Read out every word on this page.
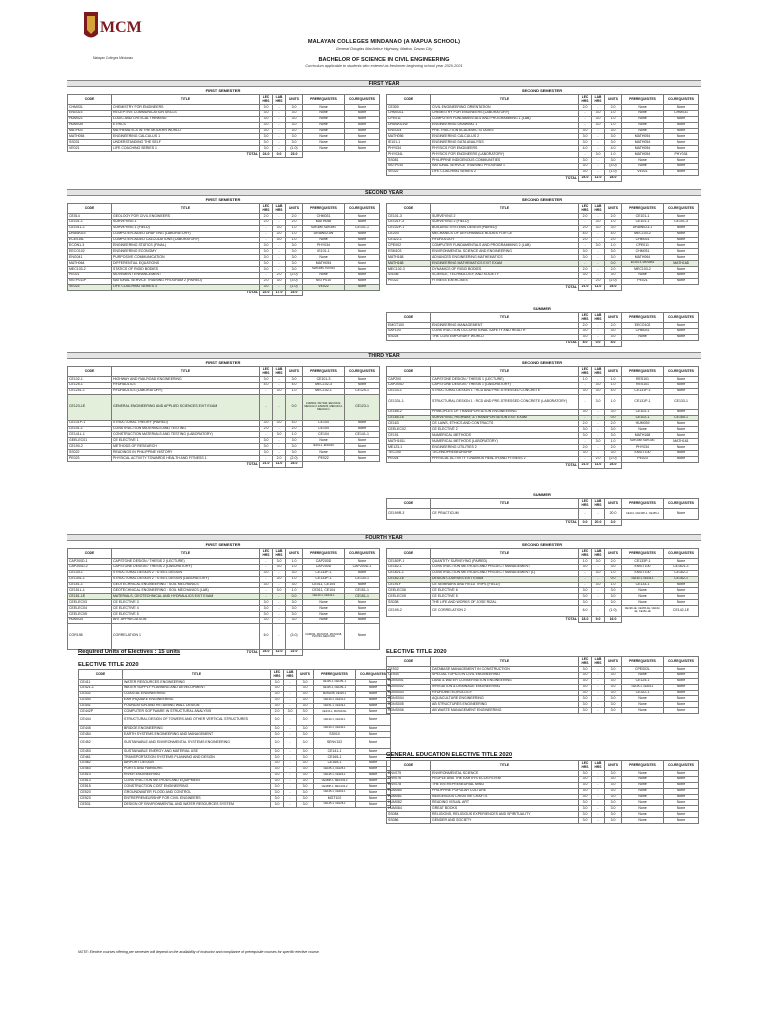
MCM
Malayan Colleges Mindanao
MALAYAN COLLEGES MINDANAO (A MAPUA SCHOOL)
General Douglas MacArthur Highway, Matina, Davao City
BACHELOR OF SCIENCE IN CIVIL ENGINEERING
Curriculum applicable to students who entered as freshmen beginning school year 2020-2021
FIRST YEAR
FIRST SEMESTER	SECOND SEMESTER
CODE	TITLE	LEC HRS	LAB HRS	UNITS	PREREQUISITES	CO-REQUISITES
CHM031	CHEMISTRY FOR ENGINEERS	3.0	-	3.0	None	None
ENG023	RECEPTIVE COMMUNICATION SKILLS	3.0	-	3.0	None	None
HUM021	LOGIC AND CRITICAL THINKING	3.0	-	3.0	None	None
HUM039	ETHICS	3.0	-	3.0	None	None
MATH03	MATHEMATICS IN THE MODERN WORLD	3.0	-	3.0	None	None
MATH054	ENGINEERING CALCULUS 1	3.0	-	3.0	None	None
SS031	UNDERSTANDING THE SELF	3.0	-	3.0	None	None
VE021	LIFE COACHING SERIES 1	3.0	-	(1.0)	None	None
TOTAL		24.0	0.0	23.0		
CODE	TITLE	LEC HRS	LAB HRS	UNITS	PREREQUISITES	CO-REQUISITES
CE300	CIVIL ENGINEERING ORIENTATION	2.0	-	2.0	None	None
CHM031L	CHEMISTRY FOR ENGINEERS (LABORATORY)	-	3.0	1.0	None	CHM031
CPE011	COMPUTER FUNDAMENTALS AND PROGRAMMING 1 (LAB)	-	3.0	1.0	None	None
DRAW021W	ENGINEERING DRAWING 1	-	3.0	1.0	None	None
ENG024	PRE-TRACTION ACADEMIC STUDIES	3.0	-	3.0	None	None
MATH056	ENGINEERING CALCULUS 2	3.0	-	3.0	MATH054	None
IE101-1	ENGINEERING DATA ANALYSIS	3.0	-	3.0	MATH054	None
PHY034	PHYSICS FOR ENGINEERS	4.0	-	4.0	MATH054	None
PHY034L	PHYSICS FOR ENGINEERS (LABORATORY)	-	3.0	1.0	MATH054	PHY034
SS081	PHILIPPINE INDIGENOUS COMMUNITIES	3.0	-	3.0	None	None
NSTP010	NATIONAL SERVICE TRAINING PROGRAM 1	3.0	-	(3.0)	None	None
VE022	LIFE COACHING SERIES 2	3.0	-	(1.0)	VE021	None
TOTAL		24.0	12.0	24.0		
SECOND YEAR
FIRST SEMESTER	SECOND SEMESTER
CODE	TITLE	LEC HRS	LAB HRS	UNITS	PREREQUISITES	CO-REQUISITES
CE014	GEOLOGY FOR CIVIL ENGINEERS	2.0	-	2.0	CHM031	None
CE101-1	SURVEYING 1	2.0	-	2.0	MATH056	None
CE101L-1	SURVEYING 1 (FIELD)	-	3.0	1.0	MATH056, MATH054	CE101-1
DRAW023	COMPUTER-AIDED DRAFTING (LABORATORY)	-	3.0	1.0	DRAW021W	None
ECE015L	COMPUTER-AIDED CALCULATIONS (LABORATORY)	-	3.0	1.0	None	None
ECON1-3	ENGINEERING STATICS (FINAL)	3.0	-	3.0	PHY034	None
EECO102	ENGINEERING ECONOMY	3.0	-	3.0	IE101-1	None
ENG041	PURPOSIVE COMMUNICATION	3.0	-	3.0	None	None
MATH064	DIFFERENTIAL EQUATIONS	3.0	-	3.0	MATH054	None
MEC103-2	STATICS OF RIGID BODIES	3.0	-	3.0	MATH056, PHY034	None
PE021	MOVEMENT ENHANCEMENT	-	2.0	(2.0)	None	None
NSTP011P	NATIONAL SERVICE TRAINING PROGRAM 2 (PAIRED)	2.0	3.0	(3.0)	NSTP010	None
VE023	LIFE COACHING SERIES 3	3.0	-	(1.0)	VE022	None
TOTAL		22.0	17.0	23.0		
CODE	TITLE	LEC HRS	LAB HRS	UNITS	PREREQUISITES	CO-REQUISITES
CE101-3	SURVEYING 2	2.0	-	2.0	CE101-1	None
CE101F-3	SURVEYING 2 (FIELD)	-	3.0	1.0	CE101-1	CE101-3
CE102P-1	BUILDING SYSTEMS DESIGN (PAIRED)	2.0	3.0	3.0	DRAW023-1	None
CE203	MECHANICS OF DEFORMABLE BODIES FOR CE	4.0	-	4.0	MEC103-2	None
CE322-1	HYDROLOGY	2.0	-	2.0	CHM031	None
CPE002	COMPUTER FUNDAMENTALS AND PROGRAMMING 2 (LAB)	-	3.0	1.0	CPE011	None
ESM103	ENVIRONMENTAL SCIENCE AND ENGINEERING	3.0	-	3.0	CHM031	None
MATH168	ADVANCED ENGINEERING MATHEMATICS	3.0	-	3.0	MATH064	None
MATH168	ENGINEERING MATHEMATICS EXIT EXAM	-	-	0.0	EC101-3, MATH064	MATH168
MEC102-3	DYNAMICS OF RIGID BODIES	2.0	-	2.0	MEC103-2	None
SS036	SCIENCE, TECHNOLOGY, AND SOCIETY	3.0	-	3.0	None	None
PE022	FITNESS EXERCISES	-	2.0	(2.0)	PE021	None
TOTAL		21.0	11.0	24.0		
SUMMER
CODE	TITLE	LEC HRS	LAB HRS	UNITS	PREREQUISITES	CO-REQUISITES
EMGT100	ENGINEERING MANAGEMENT	2.0	-	2.0	EECO102	None
SAF103	CONSTRUCTION OCCUPATIONAL SAFETY AND HEALTH	3.0	-	3.0	CHM031	None
SS024	THE CONTEMPORARY WORLD	3.0	-	3.0	None	None
TOTAL		8.0	0.0	8.0		
THIRD YEAR
FIRST SEMESTER	SECOND SEMESTER
CODE	TITLE	LEC HRS	LAB HRS	UNITS	PREREQUISITES	CO-REQUISITES
CE102-1	HIGHWAY AND RAILROAD ENGINEERING	3.0	-	3.0	CE101-3	None
CE125-1	HYDRAULICS	4.0	-	4.0	MEC102-3	None
CE125L-1	HYDRAULICS (LABORATORY)	-	3.0	1.0	MEC102-1	CE125-1
CE123-1E	GENERAL ENGINEERING AND APPLIED SCIENCES EXIT EXAM	-	-	0.0	CHM031, PHY034, EECO102, MEC102-3, ESM103, MEC103-2, MEC102-1	CE123-1
CE131P-1	STRUCTURAL THEORY (PAIRED)	3.0	3.0	4.0	CE104	None
CE141-1	CONSTRUCTION MATERIALS AND TESTING	2.0	-	2.0	CE104	None
CE141L-1	CONSTRUCTION MATERIALS AND TESTING (LABORATORY)	-	3.0	1.0	CE104	CE141-1
GEELEC01	CE ELECTIVE 1	3.0	-	3.0	None	None
CE190-2	METHODS OF RESEARCH	3.0	-	3.0	IE101-1, ENG023	None
SS022	READINGS IN PHILIPPINE HISTORY	3.0	-	3.0	None	None
PE023	PHYSICAL ACTIVITY TOWARDS HEALTH AND FITNESS 1	-	2.0	(2.0)	PE022	None
TOTAL		21.0	11.0	24.0		
CODE	TITLE	LEC HRS	LAB HRS	UNITS	PREREQUISITES	CO-REQUISITES
CAP200	CAPSTONE DESIGN / THESIS 1 (LECTURE)	1.0	-	1.0	RES101	None
CAP200D	CAPSTONE DESIGN / THESIS 1 (LABORATORY)	-	3.0	1.0	RES101	None
CE133-1	STRUCTURAL DESIGN 1 : RCD AND PRE-STRESSED CONCRETE	3.0	3.0	4.0	CE131P-1	None
CE133L-1	STRUCTURAL DESIGN 1 : RCD AND PRE-STRESSED CONCRETE (LABORATORY)	-	3.0	1.0	CE131P-1	CE133-1
CE165-2	PRINCIPLES OF TRANSPORTATION ENGINEERING	3.0	-	3.0	CE102-1	None
CE165-1E	SURVEYING, HIGHWAY, & TRANSPORTATION EXIT EXAM	-	-	0.0	CE102-1	CE165-1
CE163	CE LAWS, ETHICS AND CONTRACTS	2.0	-	2.0	HUM039	None
CEELEC02	CE ELECTIVE 2	3.0	-	3.0	None	None
CE191	NUMERICAL METHODS	3.0	-	3.0	MATH168	None
MATH161L	NUMERICAL METHODS (LABORATORY)	-	3.0	1.0	MATH168, MATH161	MATH161
ME123-1	ENGINEERING UTILITIES 2	2.0	-	2.0	PHY034	None
TEC100	TECHNOPRENEURSHIP	3.0	-	3.0	EMGT100	None
PE024	PHYSICAL ACTIVITY TOWARDS HEALTH AND FITNESS 2	-	2.0	(2.0)	PE023	None
TOTAL		21.0	11.0	24.0		
SUMMER
CODE	TITLE	LEC HRS	LAB HRS	UNITS	PREREQUISITES	CO-REQUISITES
CE199R-3	CE PRACTICUM	-	-	20.0	CE141, CE133P-1, CE165-1	None
TOTAL		0.0	20.0	3.0		
FOURTH YEAR
FIRST SEMESTER	SECOND SEMESTER
CODE	TITLE	LEC HRS	LAB HRS	UNITS	PREREQUISITES	CO-REQUISITES
CAP200D-1	CAPSTONE DESIGN / THESIS 2 (LECTURE)	-	3.0	1.0	CAP200D	None
CAP200D-2	CAPSTONE DESIGN / THESIS 2 (LABORATORY)	-	3.0	1.0	CAP200D	CAP200D-1
CE134-1	STRUCTURAL DESIGN 2 : STEEL DESIGN	3.0	-	3.0	CE133P-1	None
CE134L-1	STRUCTURAL DESIGN 2 : STEEL DESIGN (LABORATORY)	-	3.0	1.0	CE133P-1	CE134-1
CE151-1	GEOTECHNICAL ENGINEERING : SOIL MECHANICS	3.0	-	3.0	CE011, CE104	None
CE151L-1	GEOTECHNICAL ENGINEERING : SOIL MECHANICS (LAB)	-	3.0	1.0	CE011, CE104	CE151-1
CE151-1E	MATERIALS, GEOTECHNICAL AND HYDRAULICS EXIT EXAM	-	-	0.0	CE123-1, CE141-1	CE151-1
CEELEC03	CE ELECTIVE 3	3.0	-	3.0	None	None
CEELEC04	CE ELECTIVE 4	3.0	-	3.0	None	None
CEELEC05	CE ELECTIVE 5	3.0	-	3.0	None	None
HUM034	ART APPRECIATION	3.0	-	3.0	None	None
COR198	CORRELATION 1	6.0	-	(3.0)	CHM031, MATH154, MATH168, PHY034, EECO102	None
TOTAL		24.0	12.0	22.0		
CODE	TITLE	LEC HRS	LAB HRS	UNITS	PREREQUISITES	CO-REQUISITES
CE180P-1	QUANTITY SURVEYING (PAIRED)	1.0	3.0	2.0	CE133P-1	None
CE162-1	CONSTRUCTION METHODS AND PROJECT MANAGEMENT	3.0	-	3.0	EMGT100	CE162L-1
CE162L-1	CONSTRUCTION METHODS AND PROJECT MANAGEMENT (L)	-	3.0	1.0	EMGT100	CE162-1
CE162-1E	DESIGN COURSES EXIT EXAM	-	-	0.0	CE133-1, CE134-1	CE162-1
CE191F	CE SEMINARS AND FIELD TRIPS (FIELD)	-	3.0	1.0	CE133-1	None
CEELEC06	CE ELECTIVE 6	3.0	-	3.0	None	None
CEELEC05	CE ELECTIVE 5	3.0	-	3.0	None	None
SS038	THE LIFE AND WORKS OF JOSE RIZAL	3.0	-	3.0	None	None
CE199-2	CE CORRELATION 2	6.0	-	(1.0)	CE199-1E, CE165-1E, CE162-1E, CE151-1E	CE142-1E
TOTAL		18.0	9.0	16.0		
Required Units of Electives : 15 units
ELECTIVE TITLE 2020
CODE	TITLE	LEC HRS	LAB HRS	UNITS	PREREQUISITES	CO-REQUISITES
CE411	WATER RESOURCES ENGINEERING	3.0	-	3.0	CE125-1, CE125L-1	None
CE421-1	WATER SUPPLY PLANNING AND DEVELOPMENT	3.0	-	3.0	CE125-1, CE125L-1	None
CE432	COASTAL ENGINEERING	3.0	-	3.0	MATH168, CE125-1	None
CE440	EARTHQUAKE ENGINEERING	3.0	-	3.0	CE133-1, CE131-1	None
CE441	FOUNDATION AND RETAINING WALL DESIGN	3.0	-	3.0	CE151-1, CE133-1	None
CE442P	COMPUTER SOFTWARE IN STRUCTURAL ANALYSIS	2.0	3.0	3.0	CE131-1, MATH161L	None
CE444	STRUCTURAL DESIGN OF TOWERS AND OTHER VERTICAL STRUCTURES	3.0	-	3.0	CE133-1, CE134-1	None
CE445	BRIDGE ENGINEERING	3.0	-	3.0	CE133-1, CE134-1	None
CE454	EARTH SYSTEMS ENGINEERING AND MANAGEMENT	3.0	-	3.0	SS010	None
CE452	SUSTAINABLE AND ENVIRONMENTAL SYSTEMS ENGINEERING	3.0	-	3.0	SENV102	None
CE453	SUSTAINABLE ENERGY AND MATERIAL USE	3.0	-	3.0	CE141-1	None
CE461	TRANSPORTATION SYSTEMS PLANNING AND DESIGN	3.0	-	3.0	CE165-1	None
CE462	AIRPORT DESIGN	3.0	-	3.0	CE165-1	None
CE463	PORTS AND HARBORS	3.0	-	3.0	CE165-1, CE125-1	None
CE510	RIVER ENGINEERING	3.0	-	3.0	CE125-1, CE322-1	None
CE513	CONSTRUCTION METHODS AND EQUIPMENT	3.0	-	3.0	CE180P-1, MEC103-2	None
CE515	CONSTRUCTION COST ENGINEERING	3.0	-	3.0	CE180P-1, MEC103-2	None
CE520	GROUNDWATER FLOOD AND CONTROL	3.0	-	3.0	CE125-1, CE322-1	None
CE523	ENTREPRENEURSHIP FOR CIVIL ENGINEERS	3.0	-	3.0	MGT102	None
CE531	DESIGN OF ENVIRONMENTAL AND WATER RESOURCES SYSTEM	3.0	-	3.0	CE125-1, CE125-1	None
ELECTIVE TITLE 2020
CODE	TITLE	LEC HRS	LAB HRS	UNITS	PREREQUISITES	CO-REQUISITES
CE532	DATABASE MANAGEMENT IN CONSTRUCTION	3.0	-	3.0	CPE002L	None
CE534	SPECIAL TOPICS IN CIVIL ENGINEERING	3.0	-	3.0	None	None
RDNS001	LAND & WATER CONSERVATION ENGINEERING	3.0	-	3.0	CE125-1	None
RDNS002	IRRIGATION & DRAINAGE ENGINEERING	3.0	-	3.0	CE125-1, CE322-1	None
RDNS003	HYDROMETEOROLOGY	3.0	-	3.0	CE322-1	None
RDNS004	AQUACULTURE ENGINEERING	3.0	-	3.0	None	None
RDNS005	AB STRUCTURES ENGINEERING	3.0	-	3.0	None	None
RDNS006	AB WASTE MANAGEMENT ENGINEERING	3.0	-	3.0	None	None
GENERAL EDUCATION ELECTIVE TITLE 2020
CODE	TITLE	LEC HRS	LAB HRS	UNITS	PREREQUISITES	CO-REQUISITES
ENV075	ENVIRONMENTAL SCIENCE	3.0	-	3.0	None	None
ENV076	PEOPLE AND THE EARTH'S ECOSYSTEM	3.0	-	3.0	None	None
ENV078	THE ENTREPRENEURIAL MIND	3.0	-	3.0	None	None
HUM080	PHILIPPINE POPULAR CULTURE	3.0	-	3.0	None	None
HUM081	INDIGENOUS CREATIVE CRAFTS	3.0	-	3.0	None	None
HUM082	READING VISUAL ART	3.0	-	3.0	None	None
HUM084	GREAT BOOKS	3.0	-	3.0	None	None
SS084	RELIGIONS, RELIGIOUS EXPERIENCES AND SPIRITUALITY	3.0	-	3.0	None	None
SS086	GENDER AND SOCIETY	3.0	-	3.0	None	None
NOTE: Elective courses offering per semester will depend on the availability of instructor and compliance of prerequisite courses for specific elective course.
